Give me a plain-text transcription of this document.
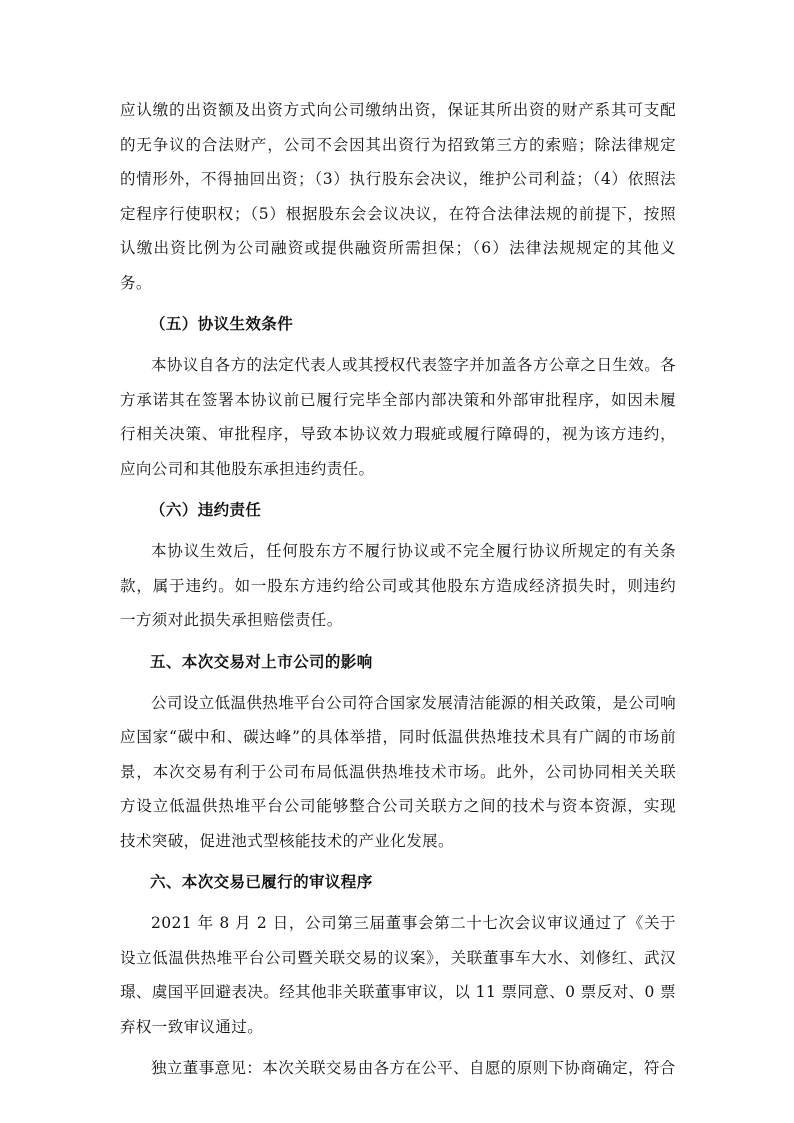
应认缴的出资额及出资方式向公司缴纳出资，保证其所出资的财产系其可支配的无争议的合法财产，公司不会因其出资行为招致第三方的索赔；除法律规定的情形外，不得抽回出资；（3）执行股东会决议，维护公司利益；（4）依照法定程序行使职权；（5）根据股东会会议决议，在符合法律法规的前提下，按照认缴出资比例为公司融资或提供融资所需担保；（6）法律法规规定的其他义务。

（五）协议生效条件

本协议自各方的法定代表人或其授权代表签字并加盖各方公章之日生效。各方承诺其在签署本协议前已履行完毕全部内部决策和外部审批程序，如因未履行相关决策、审批程序，导致本协议效力瑕疵或履行障碍的，视为该方违约，应向公司和其他股东承担违约责任。

（六）违约责任

本协议生效后，任何股东方不履行协议或不完全履行协议所规定的有关条款，属于违约。如一股东方违约给公司或其他股东方造成经济损失时，则违约一方须对此损失承担赔偿责任。

五、本次交易对上市公司的影响

公司设立低温供热堆平台公司符合国家发展清洁能源的相关政策，是公司响应国家“碳中和、碳达峰”的具体举措，同时低温供热堆技术具有广阔的市场前景，本次交易有利于公司布局低温供热堆技术市场。此外，公司协同相关关联方设立低温供热堆平台公司能够整合公司关联方之间的技术与资本资源，实现技术突破，促进池式型核能技术的产业化发展。

六、本次交易已履行的审议程序

2021 年 8 月 2 日，公司第三届董事会第二十七次会议审议通过了《关于设立低温供热堆平台公司暨关联交易的议案》，关联董事车大水、刘修红、武汉璟、虞国平回避表决。经其他非关联董事审议，以 11 票同意、0 票反对、0 票弃权一致审议通过。

独立董事意见：本次关联交易由各方在公平、自愿的原则下协商确定，符合
